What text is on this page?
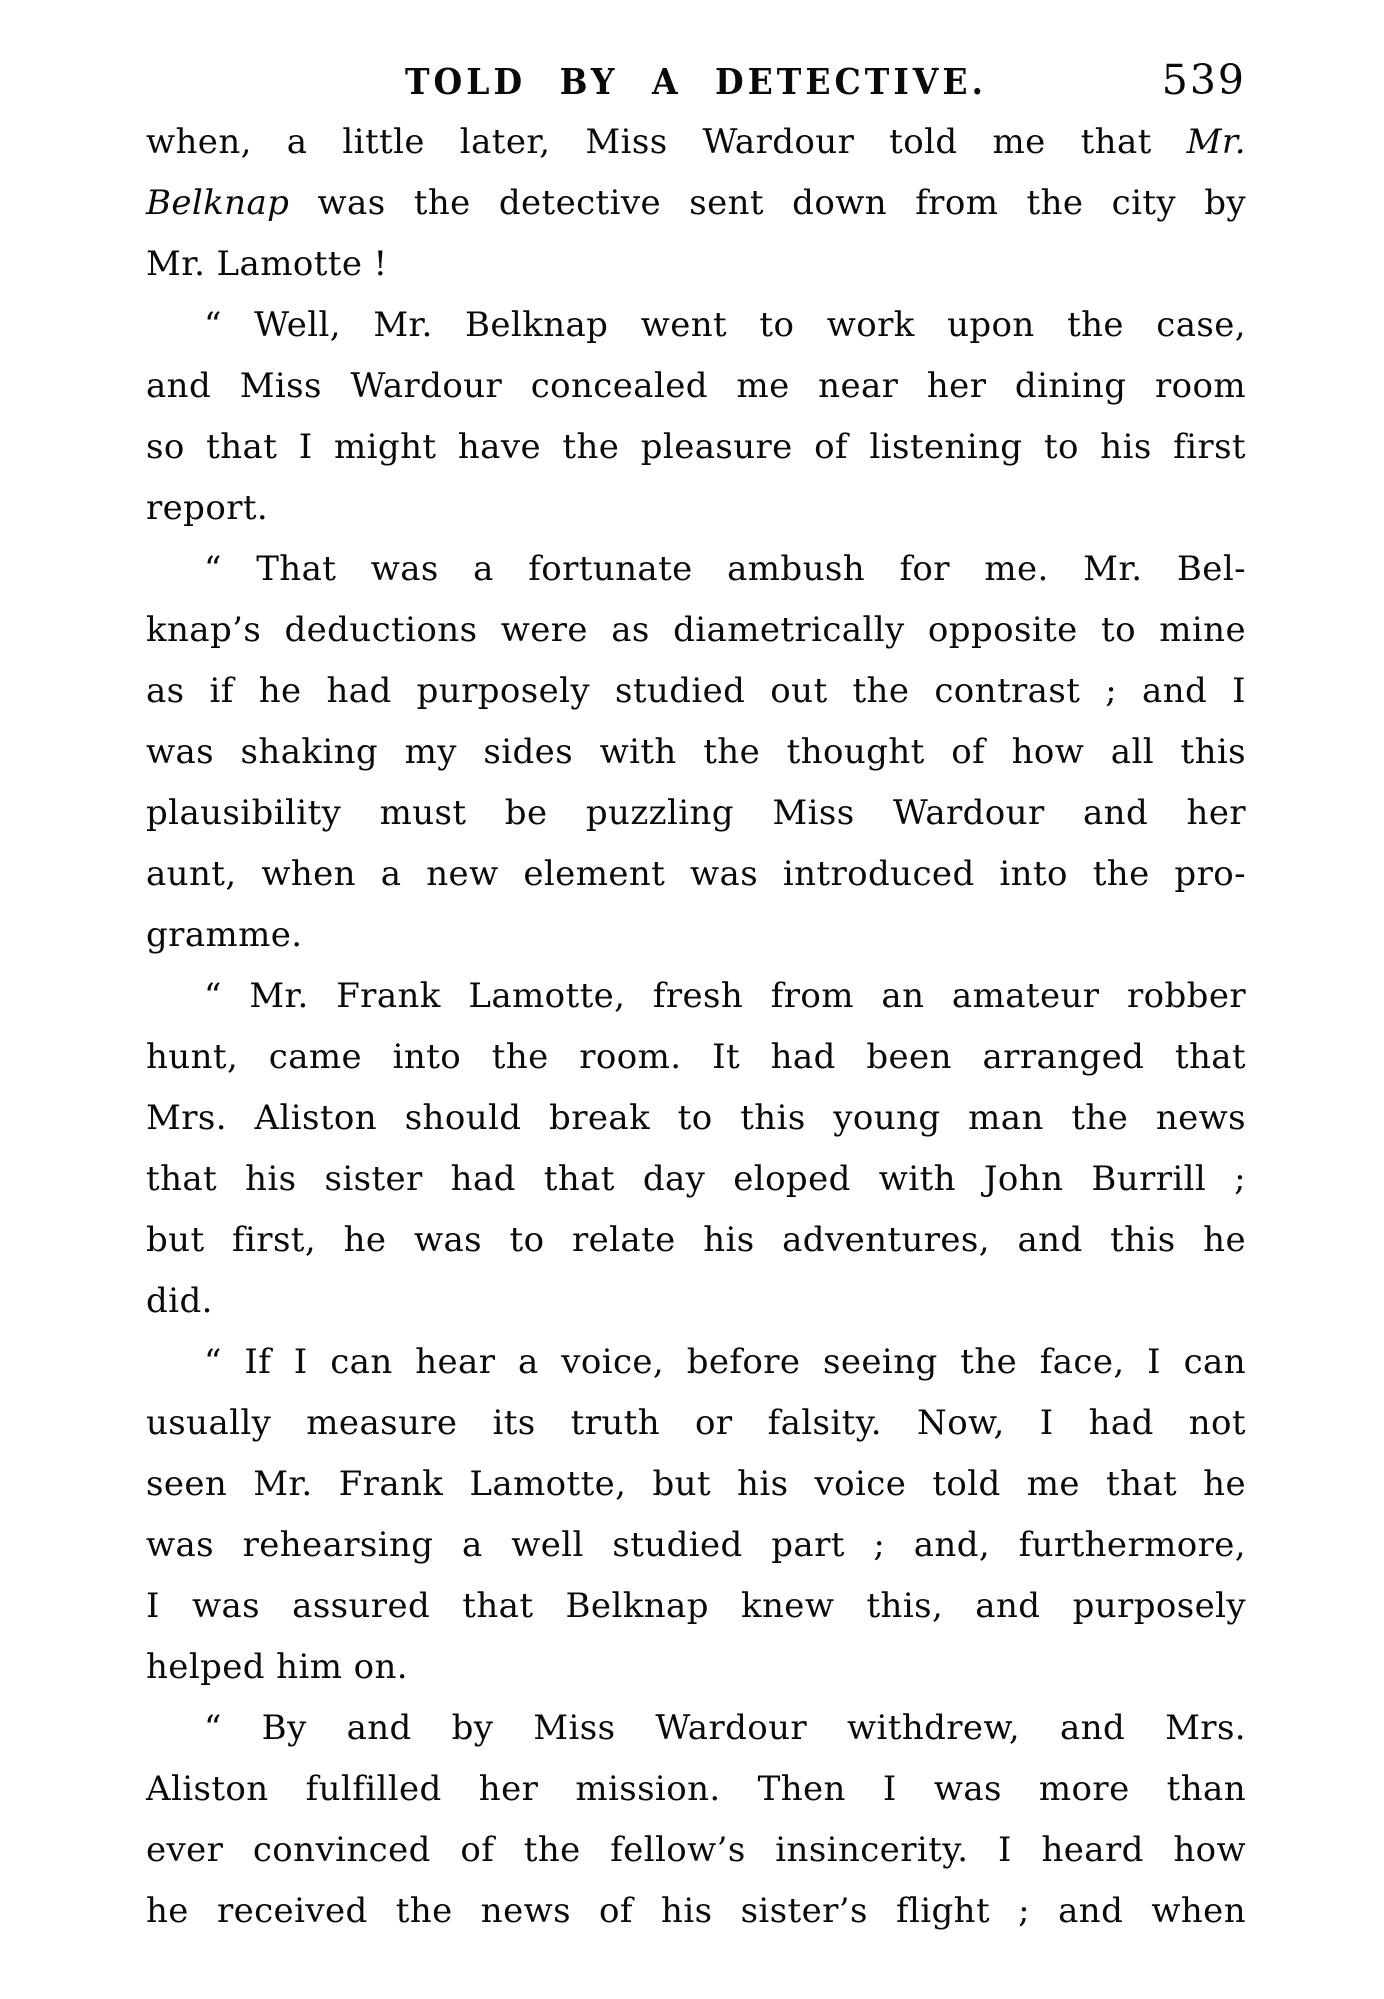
TOLD BY A DETECTIVE.	539
when, a little later, Miss Wardour told me that Mr.
Belknap was the detective sent down from the city by
Mr. Lamotte !
“ Well, Mr. Belknap went to work upon the case,
and Miss Wardour concealed me near her dining room
so that I might have the pleasure of listening to his first
report.
“ That was a fortunate ambush for me. Mr. Bel-
knap’s deductions were as diametrically opposite to mine
as if he had purposely studied out the contrast ; and I
was shaking my sides with the thought of how all this
plausibility must be puzzling Miss Wardour and her
aunt, when a new element was introduced into the pro-
gramme.
“ Mr. Frank Lamotte, fresh from an amateur robber
hunt, came into the room. It had been arranged that
Mrs. Aliston should break to this young man the news
that his sister had that day eloped with John Burrill ;
but first, he was to relate his adventures, and this he
did.
“ If I can hear a voice, before seeing the face, I can
usually measure its truth or falsity. Now, I had not
seen Mr. Frank Lamotte, but his voice told me that he
was rehearsing a well studied part ; and, furthermore,
I was assured that Belknap knew this, and purposely
helped him on.
“ By and by Miss Wardour withdrew, and Mrs.
Aliston fulfilled her mission. Then I was more than
ever convinced of the fellow’s insincerity. I heard how
he received the news of his sister’s flight ; and when
